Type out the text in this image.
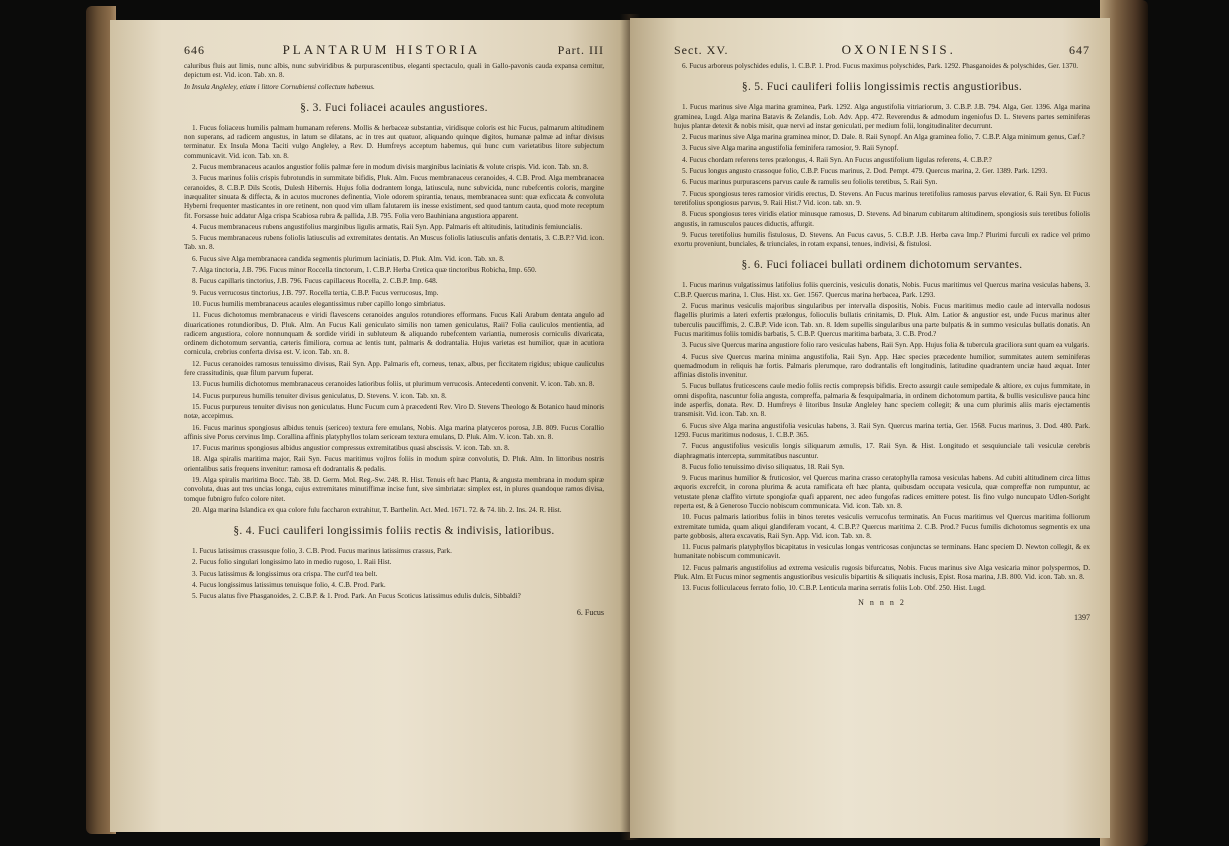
646	PLANTARUM HISTORIA	Part. III

caluribus fluis aut limis, nunc albis, nunc subviridibus & purpurascentibus, eleganti spectaculo, quali in Gallo-pavonis cauda expansa cernitur, depictum est. Vid. icon. Tab. xn. 8.

In Insula Angleley, etiam i littore Cornubiensi collectum habemus.

§. 3. Fuci foliacei acaules angustiores.

1. Fucus foliaceus humilis palmam humanam referens. Mollis & herbaceæ substantiæ, viridisque coloris est hic Fucus, palmarum altitudinem non superans, ad radicem angustus, in latum se dilatans, ac in tres aut quatuor, aliquando quinque digitos, humanæ palmæ ad inftar divisus terminatur. Ex Insula Mona Taciti vulgo Angleley, a Rev. D. Humfreys acceptum habemus, qui hunc cum varietatibus litore subjectum communicavit. Vid. icon. Tab. xn. 8.

2. Fucus membranaceus acaulos angustior foliis palmæ fere in modum divisis marginibus laciniatis & volute crispis. Vid. icon. Tab. xn. 8.

3. Fucus marinus foliis crispis fubrotundis in summitate bifidis, Pluk. Alm. Fucus membranaceus ceranoides, 4. C.B. Prod. Alga membranacea ceranoides, 8. C.B.P. Dils Scotis, Dulesh Hibernis. Hujus folia dodrantem longa, latiuscula, nunc subvicida, nunc rubefcentis coloris, margine inæqualiter sinuata & diffecta, & in acutos mucrones definentia, Viole odorem spirantia, tenaus, membranacea sunt: quæ exficcata & convoluta Hyberni frequenter masticantes in ore retinent, non quod vim ullam falutarem iis inesse existiment, sed quod tantum cauta, quod mote receptum fit. Forsasse huic addatur Alga crispa Scabiosa rubra & pallida, J.B. 795. Folia vero Bauhiniana angustiora apparent.

4. Fucus membranaceus rubens angustifolius marginibus ligulis armatis, Raii Syn. App. Palmaris eft altitudinis, latitudinis femiuncialis.

5. Fucus membranaceus rubens foliolis latiusculis ad extremitates dentatis. An Muscus foliolis latiusculis anfatis dentatis, 3. C.B.P.? Vid. icon. Tab. xn. 8.

6. Fucus sive Alga membranacea candida segmentis plurimum laciniatis, D. Pluk. Alm. Vid. icon. Tab. xn. 8.

7. Alga tinctoria, J.B. 796. Fucus minor Roccella tinctorum, 1. C.B.P. Herba Cretica quæ tinctoribus Robicha, Imp. 650.

8. Fucus capillaris tinctorius, J.B. 796. Fucus capillaceus Rocella, 2. C.B.P. Imp. 648.

9. Fucus verrucosus tinctorius, J.B. 797. Rocella tertia, C.B.P. Fucus verrucosus, Imp.

10. Fucus humilis membranaceus acaules elegantissimus ruber capillo longo simbriatus.

11. Fucus dichotomus membranaceus e viridi flavescens ceranoides angulos rotundiores efformans. Fucus Kali Arabum dentata angulo ad diuaricationes rotundioribus, D. Pluk. Alm. An Fucus Kali geniculato similis non tamen geniculatus, Raii? Folia cauliculos mentientia, ad radicem angustiora, colore nonnunquam & sordide viridi in subluteum & aliquando rubefcentem variantia, numerosis corniculis divaricata, ordinem dichotomum servantia, cæteris fimiliora, cornua ac lentis tunt, palmaris & dodrantalia. Hujus varietas est humilior, quæ in acutiora cornicula, crebrius conferta divisa est. V. icon. Tab. xn. 8.

12. Fucus ceranoides ramosus tenuissimo divisus, Raii Syn. App. Palmaris eft, corneus, tenax, albus, per ficcitatem rigidus; ubique cauliculus fere crassitudinis, quæ filum parvum fuperat.

13. Fucus humilis dichotomus membranaceus ceranoides latioribus foliis, ut plurimum verrucosis. Antecedenti convenit. V. icon. Tab. xn. 8.

14. Fucus purpureus humilis tenuiter divisus geniculatus, D. Stevens. V. icon. Tab. xn. 8.

15. Fucus purpureus tenuiter divisus non geniculatus. Hunc Fucum cum à præcedenti Rev. Viro D. Stevens Theologo & Botanico haud minoris notæ, accepimus.

16. Fucus marinus spongiosus albidus tenuis (sericeo) textura fere emulans, Nobis. Alga marina platyceros porosa, J.B. 809. Fucus Corallio affinis sive Porus cervinus Imp. Corallina affinis platyphyllos tolam sericeam textura emulans, D. Pluk. Alm. V. icon. Tab. xn. 8.

17. Fucus marinus spongiosus albidus angustior compressus extremitatibus quasi abscissis. V. icon. Tab. xn. 8.

18. Alga spiralis maritima major, Raii Syn. Fucus maritimus vojlros foliis in modum spiræ convolutis, D. Pluk. Alm. In littoribus nostris orientalibus satis frequens invenitur: ramosa eft dodrantalis & pedalis.

19. Alga spiralis maritima Bocc. Tab. 38. D. Germ. Mol. Reg.-Sw. 248. R. Hist. Tenuis eft hæc Planta, & angusta membrana in modum spiræ convoluta, duas aut tres uncias longa, cujus extremitates minutiffimæ incise funt, sive simbriatæ: simplex est, in plures quandoque ramos divisa, tomque fubnigro fufco colore nitet.

20. Alga marina Islandica ex qua colore fulu faccharon extrahitur, T. Barthelin. Act. Med. 1671. 72. & 74. lib. 2. Ins. 24. R. Hist.

§. 4. Fuci cauliferi longissimis foliis rectis & indivisis, latioribus.

1. Fucus latissimus crassusque folio, 3. C.B. Prod. Fucus marinus latissimus crassus, Park.

2. Fucus folio singulari longissimo lato in medio rugoso, 1. Raii Hist.

3. Fucus latissimus & longissimus ora crispa. The curl'd tea belt.

4. Fucus longissimus latissimus tenuisque folio, 4. C.B. Prod. Park.

5. Fucus alatus five Phasganoides, 2. C.B.P. & 1. Prod. Park. An Fucus Scoticus latissimus edulis dulcis, Sibbaldi?

6. Fucus
Sect. XV.	OXONIENSIS.	647

6. Fucus arboreus polyschides edulis, 1. C.B.P. 1. Prod. Fucus maximus polyschides, Park. 1292. Phasganoides & polyschides, Ger. 1370.

§. 5. Fuci cauliferi foliis longissimis rectis angustioribus.

1. Fucus marinus sive Alga marina graminea, Park. 1292. Alga angustifolia vitriariorum, 3. C.B.P. J.B. 794. Alga, Ger. 1396. Alga marina graminea, Lugd. Alga marina Batavis & Zelandis, Lob. Adv. App. 472. Reverendus & admodum ingeniofus D. L. Stevens partes seminiferas hujus plantæ detexit & nobis misit, quæ nervi ad instar geniculati, per medium folii, longitudinaliter decurrunt.

2. Fucus marinus sive Alga marina graminea minor, D. Dale. 8. Raii Synopf. An Alga graminea folio, 7. C.B.P. Alga minimum genus, Cæf.?

3. Fucus sive Alga marina angustifolia feminifera ramosior, 9. Raii Synopf.

4. Fucus chordam referens teres prælongus, 4. Raii Syn. An Fucus angustifolium ligulas referens, 4. C.B.P.?

5. Fucus longus angusto crassoque folio, C.B.P. Fucus marinus, 2. Dod. Pempt. 479. Quercus marina, 2. Ger. 1389. Park. 1293.

6. Fucus marinus purpurascens parvus caule & ramulis seu foliolis teretibus, 5. Raii Syn.

7. Fucus spongiosus teres ramosior viridis erectus, D. Stevens. An Fucus marinus teretifolius ramosus parvus elevatior, 6. Raii Syn. Et Fucus teretifolius spongiosus parvus, 9. Raii Hist.? Vid. icon. tab. xn. 9.

8. Fucus spongiosus teres viridis elatior minusque ramosus, D. Stevens. Ad binarum cubitarum altitudinem, spongiosis suis teretibus foliolis angustis, in ramusculos pauces diductis, affurgit.

9. Fucus teretifolius humilis fistulosus, D. Stevens. An Fucus cavus, 5. C.B.P. J.B. Herba cava Imp.? Plurimi furculi ex radice vel primo exortu proveniunt, bunciales, & triunciales, in rotam expansi, tenues, indivisi, & fistulosi.

§. 6. Fuci foliacei bullati ordinem dichotomum servantes.

1. Fucus marinus vulgatissimus latifolius foliis quercinis, vesiculis donatis, Nobis. Fucus maritimus vel Quercus marina vesiculas habens, 3. C.B.P. Quercus marina, 1. Clus. Hist. xx. Ger. 1567. Quercus marina herbacea, Park. 1293.

2. Fucus marinus vesiculis majoribus singularibus per intervalla dispositis, Nobis. Fucus maritimus medio caule ad intervalla nodosus flagellis plurimis a lateri exfertis prælongus, folioculis bullatis crinitamis, D. Pluk. Alm. Latior & angustior est, unde Fucus marinus alter tuberculis pauciffimis, 2. C.B.P. Vide icon. Tab. xn. 8. Idem supellis singularibus una parte bulpatis & in summo vesiculas bullatis donatis. An Fucus maritimus foliis tomidis barbatis, 5. C.B.P. Quercus maritima barbata, 3. C.B. Prod.?

3. Fucus sive Quercus marina angustiore folio raro vesiculas habens, Raii Syn. App. Hujus folia & tubercula graciliora sunt quam ea vulgaris.

4. Fucus sive Quercus marina minima angustifolia, Raii Syn. App. Hæc species præcedente humilior, summitates autem seminiferas quemadmodum in reliquis hæ fortis. Palmaris plerumque, raro dodrantalis eft longitudinis, latitudine quadrantem unciæ haud æquat. Inter affinias distolis invenitur.

5. Fucus bullatus fruticescens caule medio foliis rectis comprepsis bifidis. Erecto assurgit caule semipedale & altiore, ex cujus fummitate, in omni dispofita, nascuntur folia angusta, compreffa, palmaria & fesquipalmaria, in ordinem dichotomum partita, & bullis vesiculisve pauca hinc inde asperfis, donata. Rev. D. Humfreys è litoribus Insulæ Angleley hanc speciem collegit; & una cum plurimis aliis maris ejectamentis transmisit. Vid. icon. Tab. xn. 8.

6. Fucus sive Alga marina angustifolia vesiculas habens, 3. Raii Syn. Quercus marina tertia, Ger. 1568. Fucus marinus, 3. Dod. 480. Park. 1293. Fucus maritimus nodosus, 1. C.B.P. 365.

7. Fucus angustifolius vesiculis longis siliquarum æmulis, 17. Raii Syn. & Hist. Longitudo et sesquiunciale tali vesiculæ cerebris diaphragmatis intercepta, summitatibus nascuntur.

8. Fucus folio tenuissimo diviso siliquatus, 18. Raii Syn.

9. Fucus marinus humilior & fruticosior, vel Quercus marina crasso ceratophylla ramosa vesiculas habens. Ad cubiti altitudinem circa littus æquoris excrefcit, in corona plurima & acuta ramificata eft hæc planta, quibusdam occupata vesicula, quæ compreffæ non rumpuntur, ac vetustate plenæ claffito virtute spongiofæ quafi apparent, nec adeo fungofas radices emittere potest. Iis fino vulgo nuncupato Udlen-Soright reperta est, & à Generoso Tuccio nobiscum communicata. Vid. icon. Tab. xn. 8.

10. Fucus palmaris latioribus foliis in binos teretes vesiculis verrucofus terminatis. An Fucus maritimus vel Quercus maritima folliorum extremitate tumida, quam aliqui glandiferam vocant, 4. C.B.P.? Quercus maritima 2. C.B. Prod.? Fucus fumilis dichotomus segmentis ex una parte gobbosis, altera excavatis, Raii Syn. App. Vid. icon. Tab. xn. 8.

11. Fucus palmaris platyphyllos bicapitatus in vesiculas longas ventricosas conjunctas se terminans. Hanc speciem D. Newton collegit, & ex humanitate nobiscum communicavit.

12. Fucus palmaris angustifolius ad extrema vesiculis rugosis bifurcatus, Nobis. Fucus marinus sive Alga vesicaria minor polyspermos, D. Pluk. Alm. Et Fucus minor segmentis angustioribus vesiculis bipartitis & siliquatis inclusis, Epist. Rosa marina, J.B. 800. Vid. icon. Tab. xn. 8.

13. Fucus folliculaceus ferrato folio, 10. C.B.P. Lenticula marina serratis foliis Lob. Obf. 250. Hist. Lugd.

N n n n 2
1397
